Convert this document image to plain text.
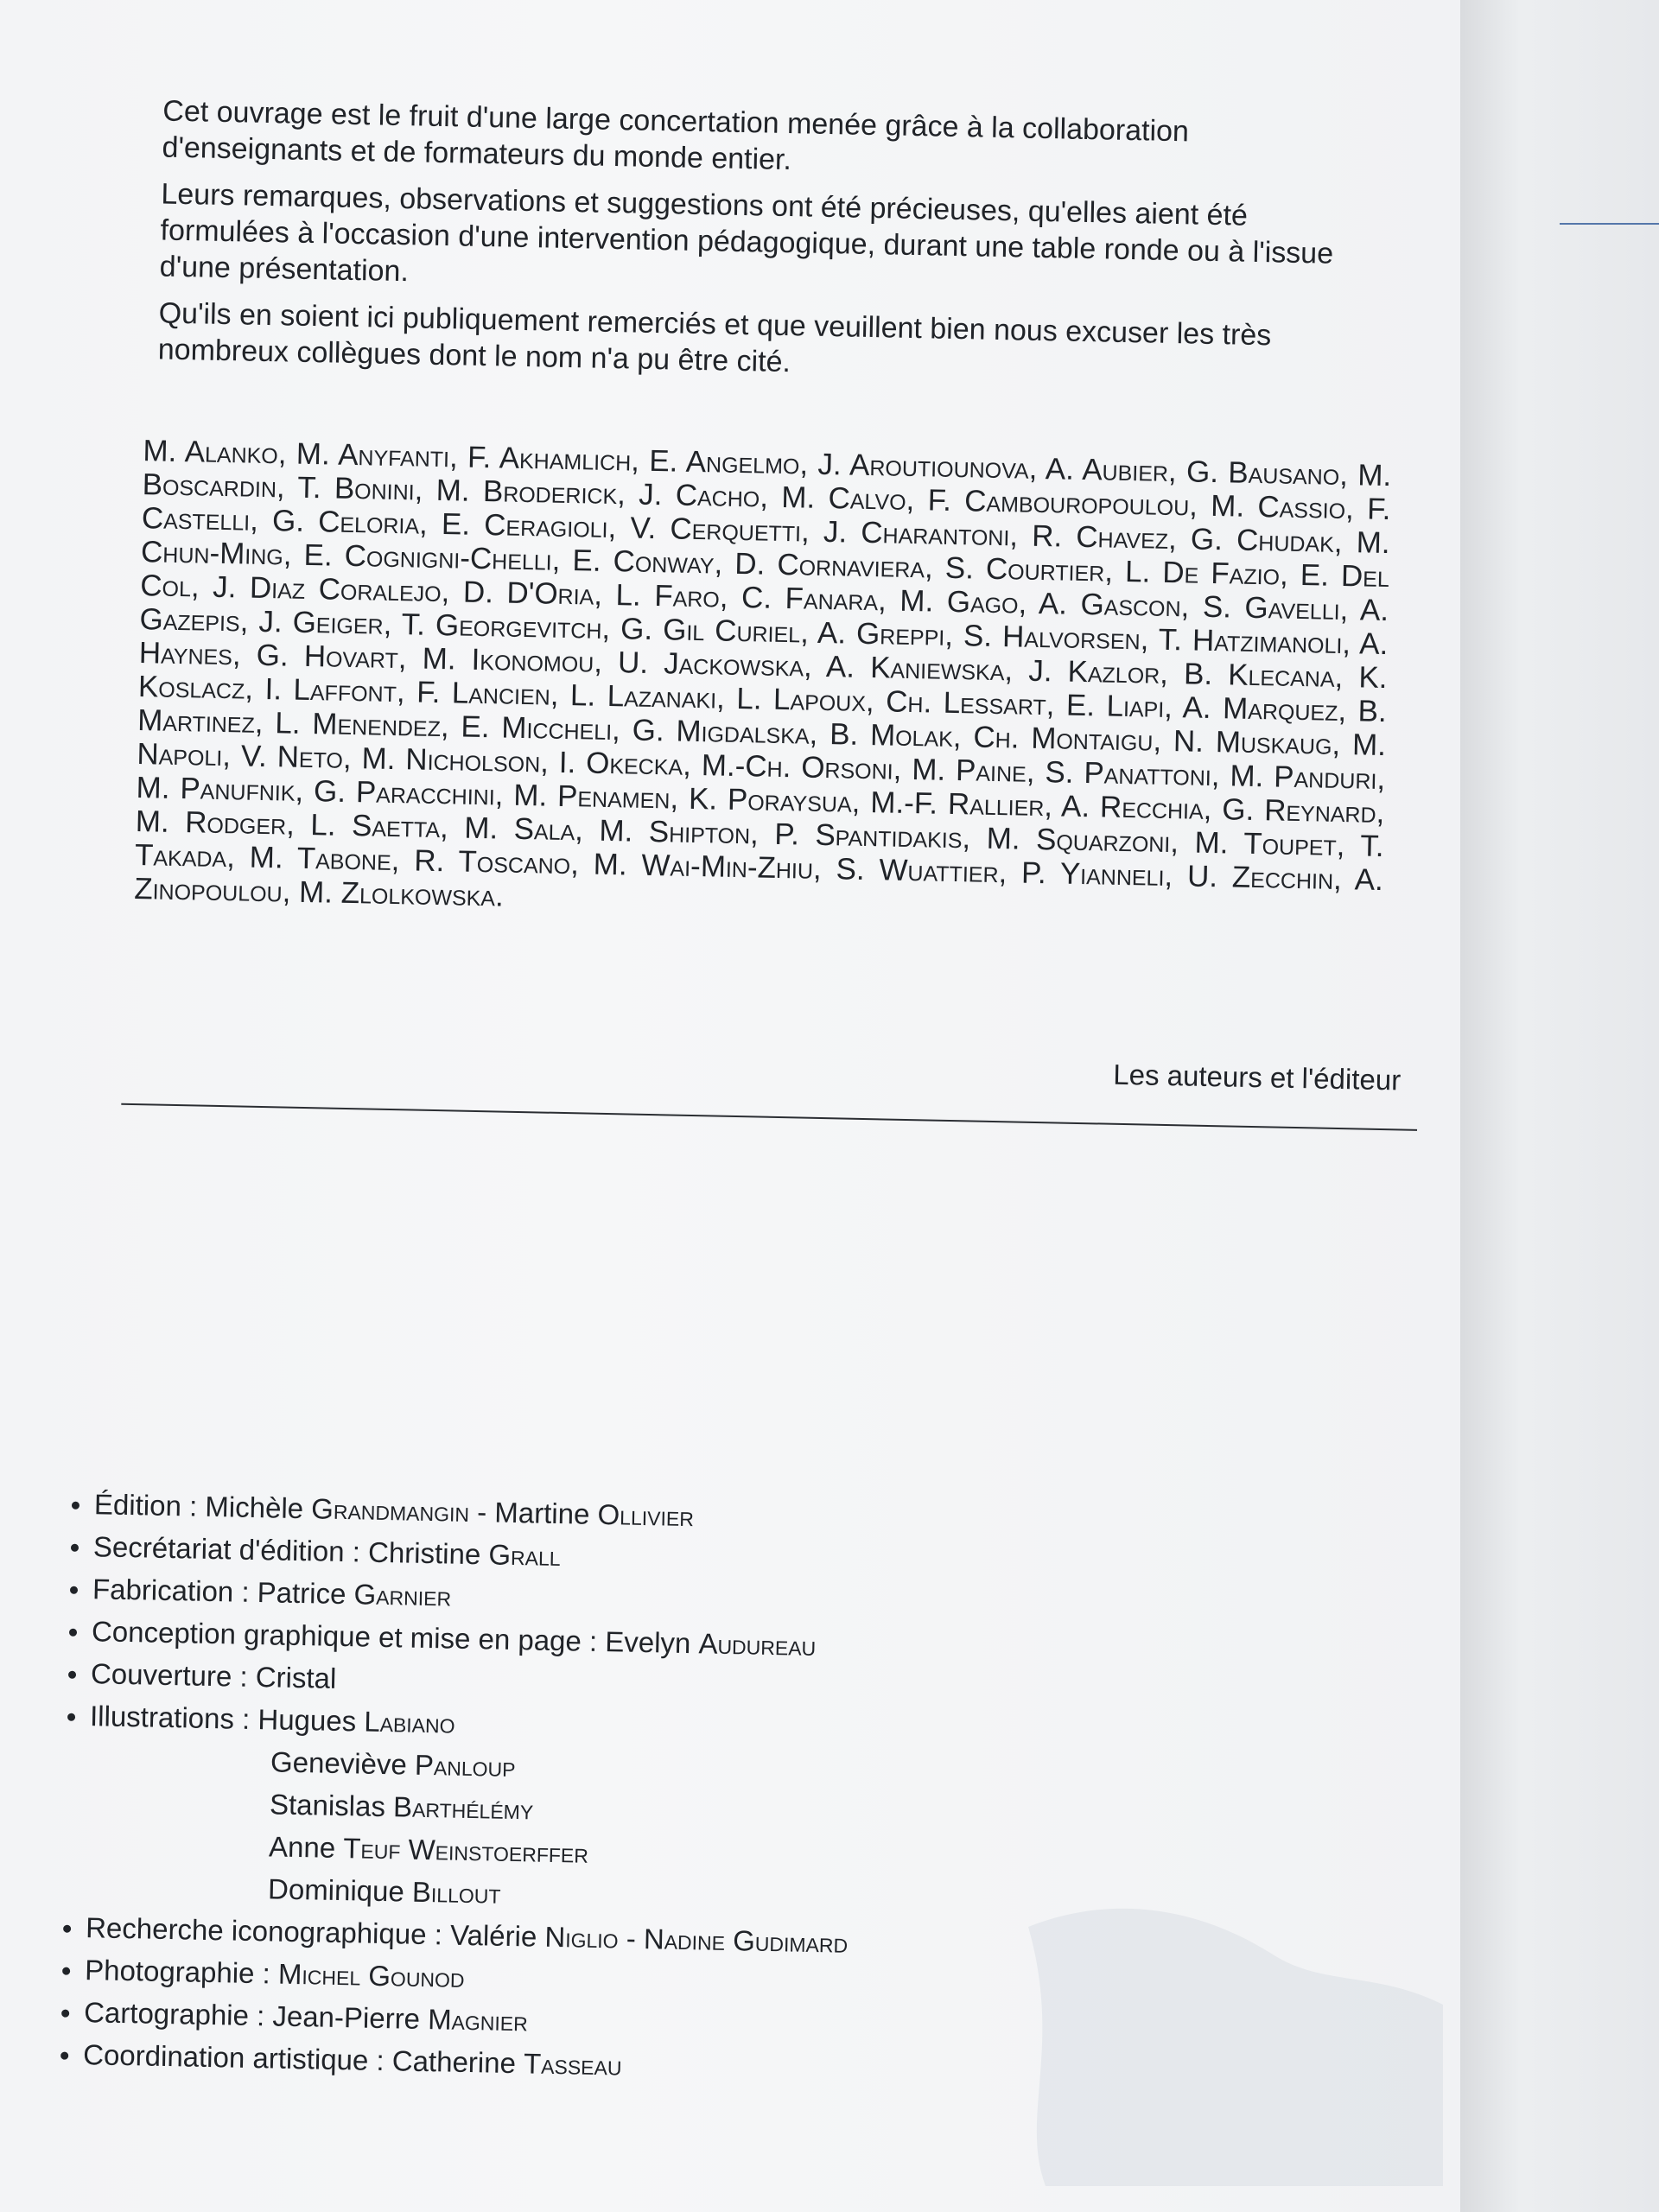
Cet ouvrage est le fruit d'une large concertation menée grâce à la collaboration d'enseignants et de formateurs du monde entier.

Leurs remarques, observations et suggestions ont été précieuses, qu'elles aient été formulées à l'occasion d'une intervention pédagogique, durant une table ronde ou à l'issue d'une présentation.

Qu'ils en soient ici publiquement remerciés et que veuillent bien nous excuser les très nombreux collègues dont le nom n'a pu être cité.

M. Alanko, M. Anyfanti, F. Akhamlich, E. Angelmo, J. Aroutiounova, A. Aubier, G. Bausano, M. Boscardin, T. Bonini, M. Broderick, J. Cacho, M. Calvo, F. Cambouropoulou, M. Cassio, F. Castelli, G. Celoria, E. Ceragioli, V. Cerquetti, J. Charantoni, R. Chavez, G. Chudak, M. Chun-Ming, E. Cognigni-Chelli, E. Conway, D. Cornaviera, S. Courtier, L. De Fazio, E. Del Col, J. Diaz Coralejo, D. D'Oria, L. Faro, C. Fanara, M. Gago, A. Gascon, S. Gavelli, A. Gazepis, J. Geiger, T. Georgevitch, G. Gil Curiel, A. Greppi, S. Halvorsen, T. Hatzimanoli, A. Haynes, G. Hovart, M. Ikonomou, U. Jackowska, A. Kaniewska, J. Kazlor, B. Klecana, K. Koslacz, I. Laffont, F. Lancien, L. Lazanaki, L. Lapoux, Ch. Lessart, E. Liapi, A. Marquez, B. Martinez, L. Menendez, E. Miccheli, G. Migdalska, B. Molak, Ch. Montaigu, N. Muskaug, M. Napoli, V. Neto, M. Nicholson, I. Okecka, M.-Ch. Orsoni, M. Paine, S. Panattoni, M. Panduri, M. Panufnik, G. Paracchini, M. Penamen, K. Poraysua, M.-F. Rallier, A. Recchia, G. Reynard, M. Rodger, L. Saetta, M. Sala, M. Shipton, P. Spantidakis, M. Squarzoni, M. Toupet, T. Takada, M. Tabone, R. Toscano, M. Wai-Min-Zhiu, S. Wuattier, P. Yianneli, U. Zecchin, A. Zinopoulou, M. Zlolkowska.
Les auteurs et l'éditeur
Édition : Michèle Grandmangin - Martine Ollivier
Secrétariat d'édition : Christine Grall
Fabrication : Patrice Garnier
Conception graphique et mise en page : Evelyn Audureau
Couverture : Cristal
Illustrations : Hugues Labiano
Geneviève Panloup
Stanislas Barthélémy
Anne Teuf Weinstoerffer
Dominique Billout
Recherche iconographique : Valérie Niglio - Nadine Gudimard
Photographie : Michel Gounod
Cartographie : Jean-Pierre Magnier
Coordination artistique : Catherine Tasseau
